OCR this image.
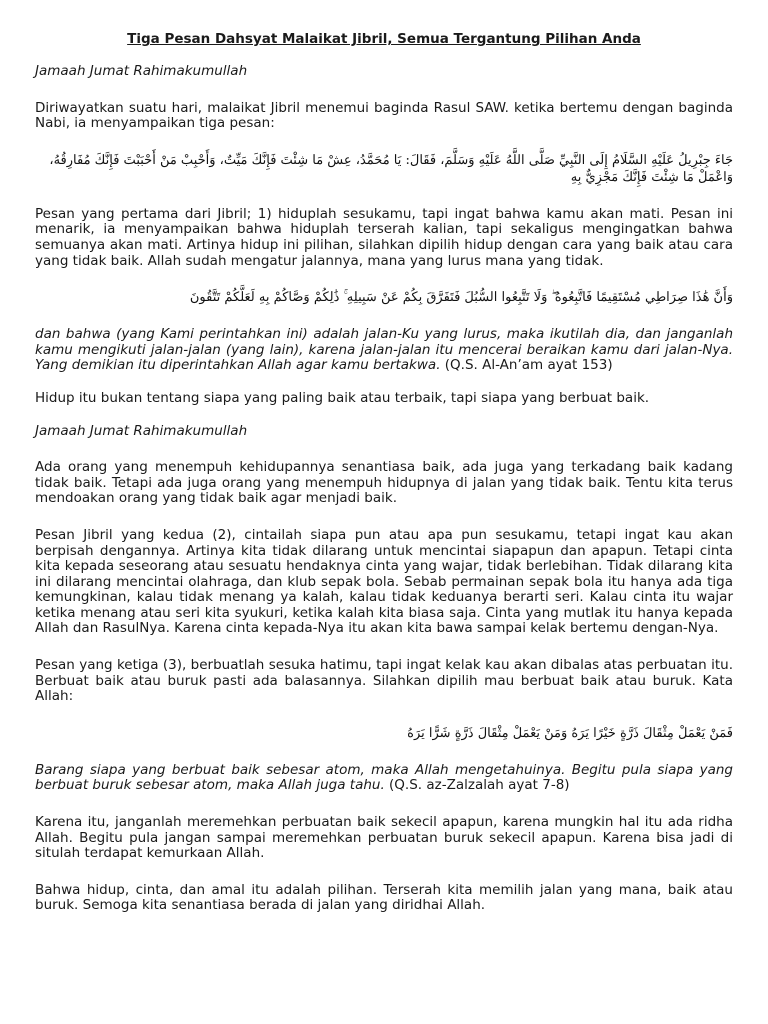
Tiga Pesan Dahsyat Malaikat Jibril, Semua Tergantung Pilihan Anda

Jamaah Jumat Rahimakumullah

Diriwayatkan suatu hari, malaikat Jibril menemui baginda Rasul SAW. ketika bertemu dengan baginda Nabi, ia menyampaikan tiga pesan:

جَاءَ جِبْرِيلُ عَلَيْهِ السَّلَامُ إِلَى النَّبِيِّ صَلَّى اللَّهُ عَلَيْهِ وَسَلَّمَ، فَقَالَ: يَا مُحَمَّدُ، عِشْ مَا شِئْتَ فَإِنَّكَ مَيِّتٌ، وَأَحْبِبْ مَنْ أَحْبَبْتَ فَإِنَّكَ مُفَارِقُهُ، وَاعْمَلْ مَا شِئْتَ فَإِنَّكَ مَجْزِيٌّ بِهِ

Pesan yang pertama dari Jibril; 1) hiduplah sesukamu, tapi ingat bahwa kamu akan mati. Pesan ini menarik, ia menyampaikan bahwa hiduplah terserah kalian, tapi sekaligus mengingatkan bahwa semuanya akan mati. Artinya hidup ini pilihan, silahkan dipilih hidup dengan cara yang baik atau cara yang tidak baik. Allah sudah mengatur jalannya, mana yang lurus mana yang tidak.

وَأَنَّ هَٰذَا صِرَاطِي مُسْتَقِيمًا فَاتَّبِعُوهُ ۖ وَلَا تَتَّبِعُوا السُّبُلَ فَتَفَرَّقَ بِكُمْ عَنْ سَبِيلِهِ ۚ ذَٰلِكُمْ وَصَّاكُمْ بِهِ لَعَلَّكُمْ تَتَّقُونَ

dan bahwa (yang Kami perintahkan ini) adalah jalan-Ku yang lurus, maka ikutilah dia, dan janganlah kamu mengikuti jalan-jalan (yang lain), karena jalan-jalan itu mencerai beraikan kamu dari jalan-Nya. Yang demikian itu diperintahkan Allah agar kamu bertakwa. (Q.S. Al-An’am ayat 153)

Hidup itu bukan tentang siapa yang paling baik atau terbaik, tapi siapa yang berbuat baik.

Jamaah Jumat Rahimakumullah

Ada orang yang menempuh kehidupannya senantiasa baik, ada juga yang terkadang baik kadang tidak baik. Tetapi ada juga orang yang menempuh hidupnya di jalan yang tidak baik. Tentu kita terus mendoakan orang yang tidak baik agar menjadi baik.

Pesan Jibril yang kedua (2), cintailah siapa pun atau apa pun sesukamu, tetapi ingat kau akan berpisah dengannya. Artinya kita tidak dilarang untuk mencintai siapapun dan apapun. Tetapi cinta kita kepada seseorang atau sesuatu hendaknya cinta yang wajar, tidak berlebihan. Tidak dilarang kita ini dilarang mencintai olahraga, dan klub sepak bola. Sebab permainan sepak bola itu hanya ada tiga kemungkinan, kalau tidak menang ya kalah, kalau tidak keduanya berarti seri. Kalau cinta itu wajar ketika menang atau seri kita syukuri, ketika kalah kita biasa saja. Cinta yang mutlak itu hanya kepada Allah dan RasulNya. Karena cinta kepada-Nya itu akan kita bawa sampai kelak bertemu dengan-Nya.

Pesan yang ketiga (3), berbuatlah sesuka hatimu, tapi ingat kelak kau akan dibalas atas perbuatan itu. Berbuat baik atau buruk pasti ada balasannya. Silahkan dipilih mau berbuat baik atau buruk. Kata Allah:

فَمَنْ يَعْمَلْ مِثْقَالَ ذَرَّةٍ خَيْرًا يَرَهُ وَمَنْ يَعْمَلْ مِثْقَالَ ذَرَّةٍ شَرًّا يَرَهُ

Barang siapa yang berbuat baik sebesar atom, maka Allah mengetahuinya. Begitu pula siapa yang berbuat buruk sebesar atom, maka Allah juga tahu. (Q.S. az-Zalzalah ayat 7-8)

Karena itu, janganlah meremehkan perbuatan baik sekecil apapun, karena mungkin hal itu ada ridha Allah. Begitu pula jangan sampai meremehkan perbuatan buruk sekecil apapun. Karena bisa jadi di situlah terdapat kemurkaan Allah.

Bahwa hidup, cinta, dan amal itu adalah pilihan. Terserah kita memilih jalan yang mana, baik atau buruk. Semoga kita senantiasa berada di jalan yang diridhai Allah.
